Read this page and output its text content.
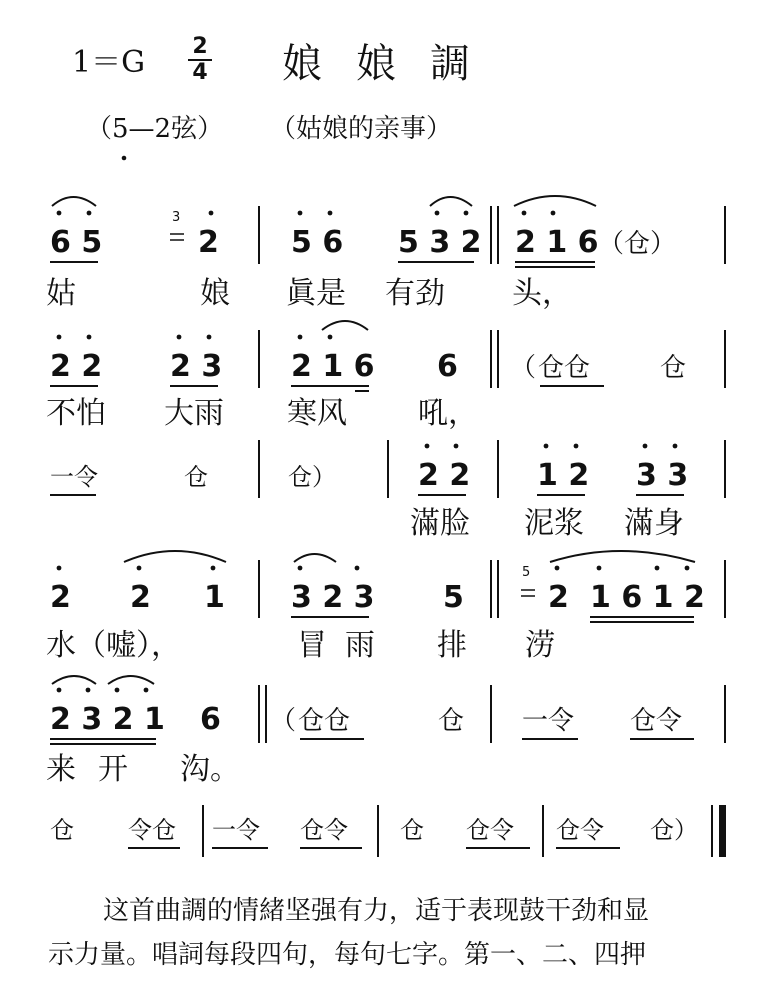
1＝G	2
4 娘娘調
（5—2弦） （姑娘的亲事）
6 5	2 5 6 5 3 2 2 1 6
3
（仓）
姑	娘 眞是 有劲 头，
2 2 2 3 2 1 6 6 （ 仓仓	仓
不怕 大雨 寒风 吼，
一令	仓	仓）	2 2 1 2 3 3
滿脸 泥浆 滿身
2 2 1 3 2 3 5	2 1 6 1 2
5
水（嘘），	冒 雨 排 涝
2 3 2 1 6 （ 仓仓	仓 一令 仓令
来 开 沟。
仓 令仓 一令 仓令 仓 仓令 仓令 仓）
这首曲調的情緒坚强有力，适于表现鼓干劲和显
示力量。唱詞每段四句，每句七字。第一、二、四押
